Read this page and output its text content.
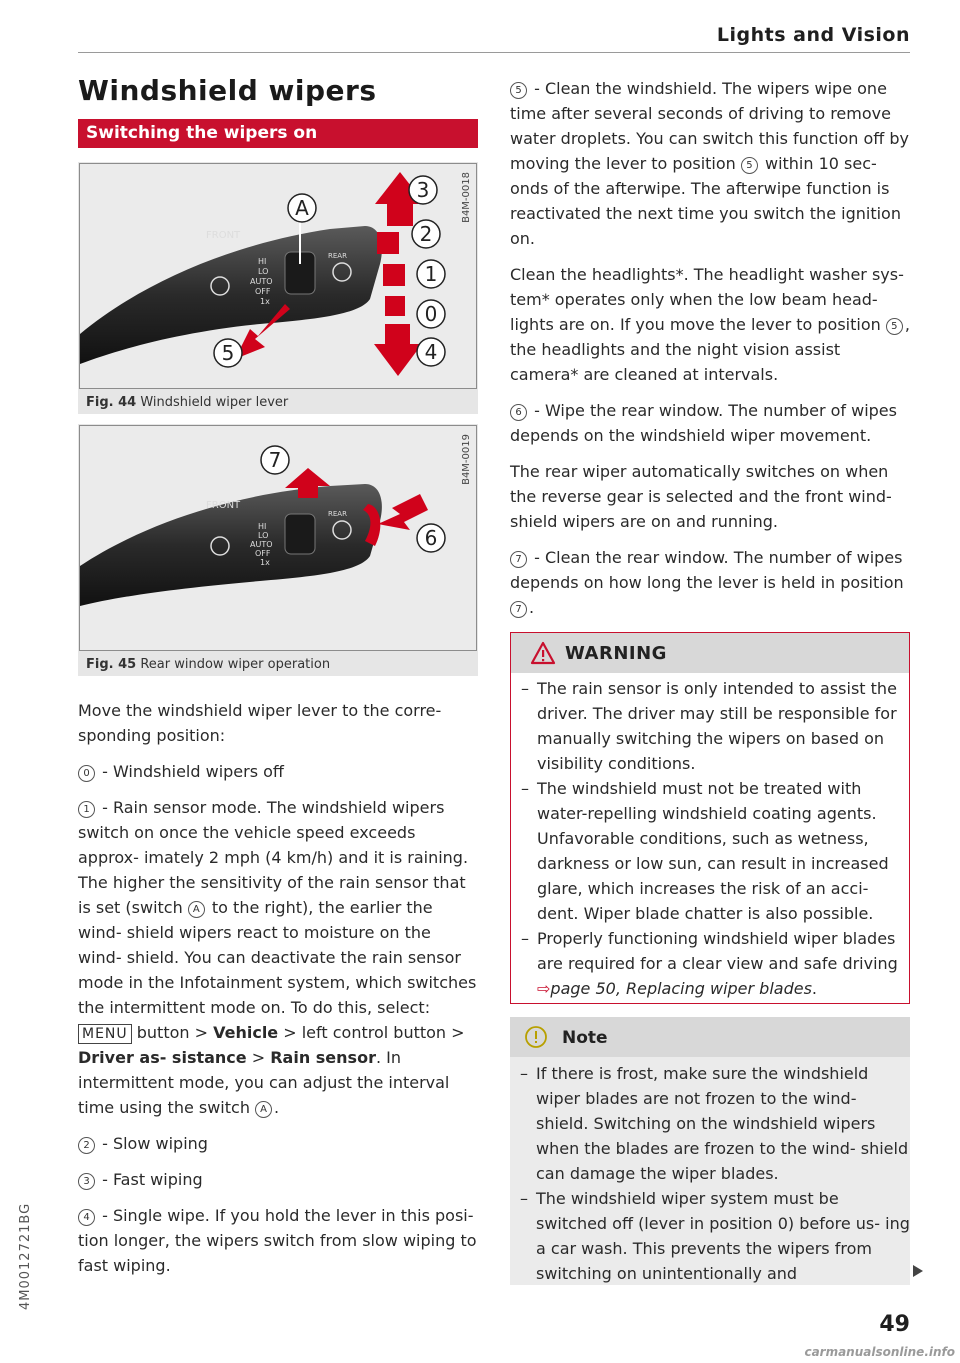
Lights and Vision
4M0012721BG
Windshield wipers
Switching the wipers on
FRONT
HI
LO
AUTO
OFF
1x
REAR
A
3
2
1
0
4
5
B4M-0018
Fig. 44 Windshield wiper lever
FRONT
HI
LO
AUTO
OFF
1x
REAR
7
6
B4M-0019
Fig. 45 Rear window wiper operation

Move the windshield wiper lever to the corre- sponding position:

0 - Windshield wipers off

1 - Rain sensor mode. The windshield wipers switch on once the vehicle speed exceeds approx- imately 2 mph (4 km/h) and it is raining. The higher the sensitivity of the rain sensor that is set (switch A to the right), the earlier the wind- shield wipers react to moisture on the wind- shield. You can deactivate the rain sensor mode in the Infotainment system, which switches the intermittent mode on. To do this, select: MENU button > Vehicle > left control button > Driver as- sistance > Rain sensor. In intermittent mode, you can adjust the interval time using the switch A .

2 - Slow wiping

3 - Fast wiping

4 - Single wipe. If you hold the lever in this posi- tion longer, the wipers switch from slow wiping to fast wiping.

5 - Clean the windshield. The wipers wipe one time after several seconds of driving to remove water droplets. You can switch this function off by moving the lever to position 5 within 10 sec- onds of the afterwipe. The afterwipe function is reactivated the next time you switch the ignition on.

Clean the headlights*. The headlight washer sys- tem* operates only when the low beam head- lights are on. If you move the lever to position 5 , the headlights and the night vision assist camera* are cleaned at intervals.

6 - Wipe the rear window. The number of wipes depends on the windshield wiper movement.

The rear wiper automatically switches on when the reverse gear is selected and the front wind- shield wipers are on and running.

7 - Clean the rear window. The number of wipes depends on how long the lever is held in position 7 .

WARNING
– The rain sensor is only intended to assist the driver. The driver may still be responsible for manually switching the wipers on based on visibility conditions.
– The windshield must not be treated with water-repelling windshield coating agents. Unfavorable conditions, such as wetness, darkness or low sun, can result in increased glare, which increases the risk of an acci- dent. Wiper blade chatter is also possible.
– Properly functioning windshield wiper blades are required for a clear view and safe driving ⇨page 50, Replacing wiper blades.
Note
– If there is frost, make sure the windshield wiper blades are not frozen to the wind- shield. Switching on the windshield wipers when the blades are frozen to the wind- shield can damage the wiper blades.
– The windshield wiper system must be switched off (lever in position 0) before us- ing a car wash. This prevents the wipers from switching on unintentionally and
49
carmanualsonline.info
